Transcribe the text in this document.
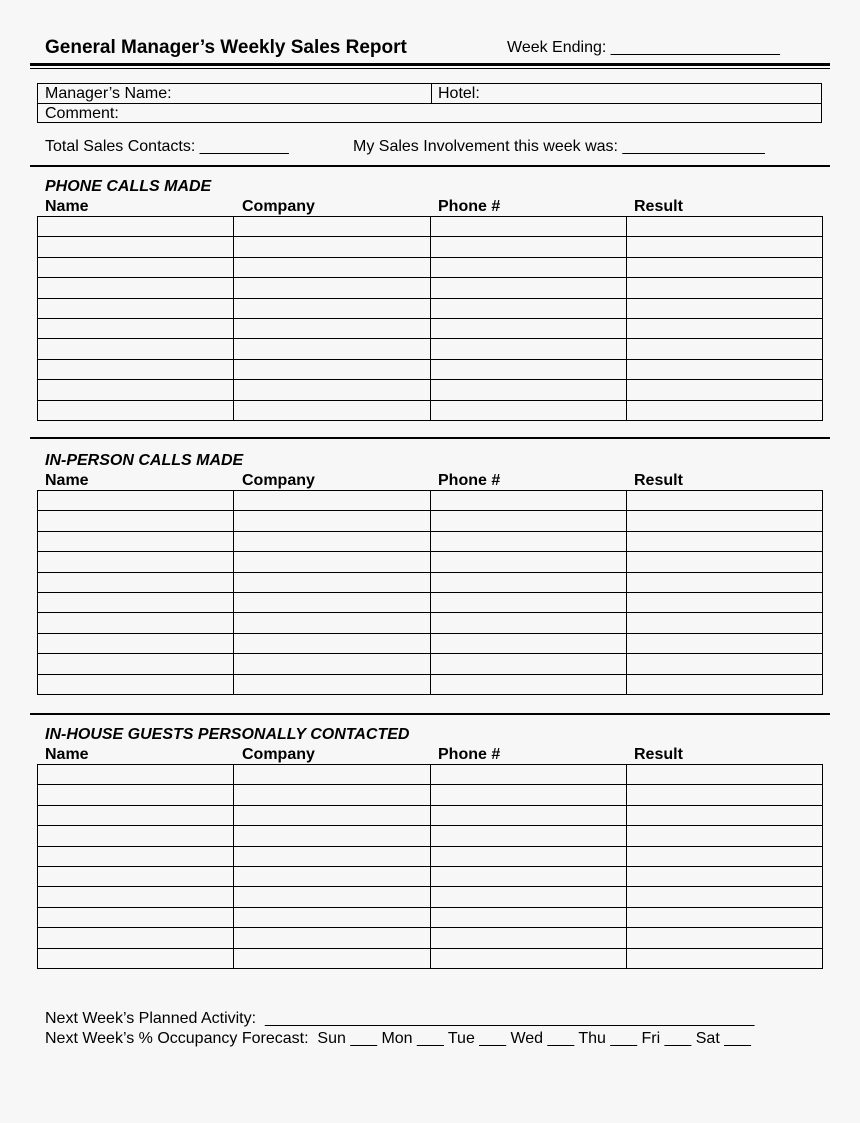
General Manager’s Weekly Sales Report	Week Ending: ___________________
Manager’s Name:	Hotel:
Comment:
Total Sales Contacts: __________	My Sales Involvement this week was: ________________
PHONE CALLS MADE
Name	Company	Phone #	Result

IN-PERSON CALLS MADE
Name	Company	Phone #	Result

IN-HOUSE GUESTS PERSONALLY CONTACTED
Name	Company	Phone #	Result

Next Week’s Planned Activity:  _______________________________________________________
Next Week’s % Occupancy Forecast:  Sun ___ Mon ___ Tue ___ Wed ___ Thu ___ Fri ___ Sat ___
